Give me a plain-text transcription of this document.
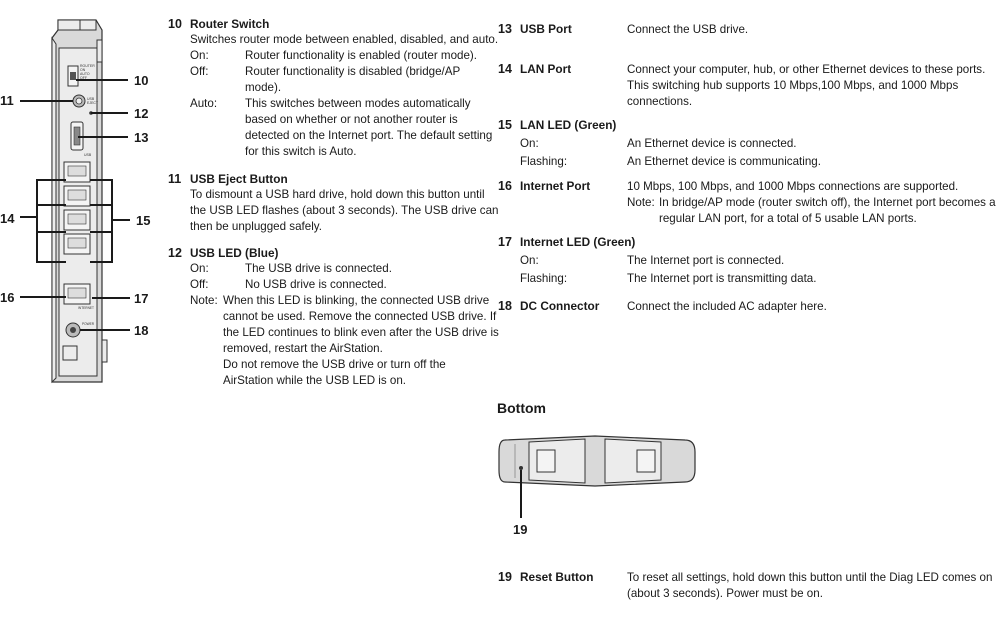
10
11
12
13
14	15
16	17
18
10 Router Switch
Switches router mode between enabled, disabled, and auto.
On:	Router functionality is enabled (router mode).
Off:	Router functionality is disabled (bridge/AP
mode).
Auto: This switches between modes automatically
based on whether or not another router is
detected on the Internet port. The default setting
for this switch is Auto.
11 USB Eject Button
To dismount a USB hard drive, hold down this button until
the USB LED flashes (about 3 seconds). The USB drive can
then be unplugged safely.
12 USB LED (Blue)
On:	The USB drive is connected.
Off:	No USB drive is connected.
Note: When this LED is blinking, the connected USB drive
cannot be used. Remove the connected USB drive. If
the LED continues to blink even after the USB drive is
removed, restart the AirStation.
Do not remove the USB drive or turn off the
AirStation while the USB LED is on.
13 USB Port	Connect the USB drive.
14 LAN Port	Connect your computer, hub, or other Ethernet devices to these ports.
This switching hub supports 10 Mbps,100 Mbps, and 1000 Mbps
connections.
15 LAN LED (Green)
On:	An Ethernet device is connected.
Flashing:	An Ethernet device is communicating.
16 Internet Port	10 Mbps, 100 Mbps, and 1000 Mbps connections are supported.
Note: In bridge/AP mode (router switch off), the Internet port becomes a
regular LAN port, for a total of 5 usable LAN ports.
17 Internet LED (Green)
On:	The Internet port is connected.
Flashing:	The Internet port is transmitting data.
18 DC Connector Connect the included AC adapter here.
Bottom
19
19 Reset Button	To reset all settings, hold down this button until the Diag LED comes on
(about 3 seconds). Power must be on.
ROUTER
ON
AUTO
OFF
USB
EJECT
USB
INTERNET
POWER
